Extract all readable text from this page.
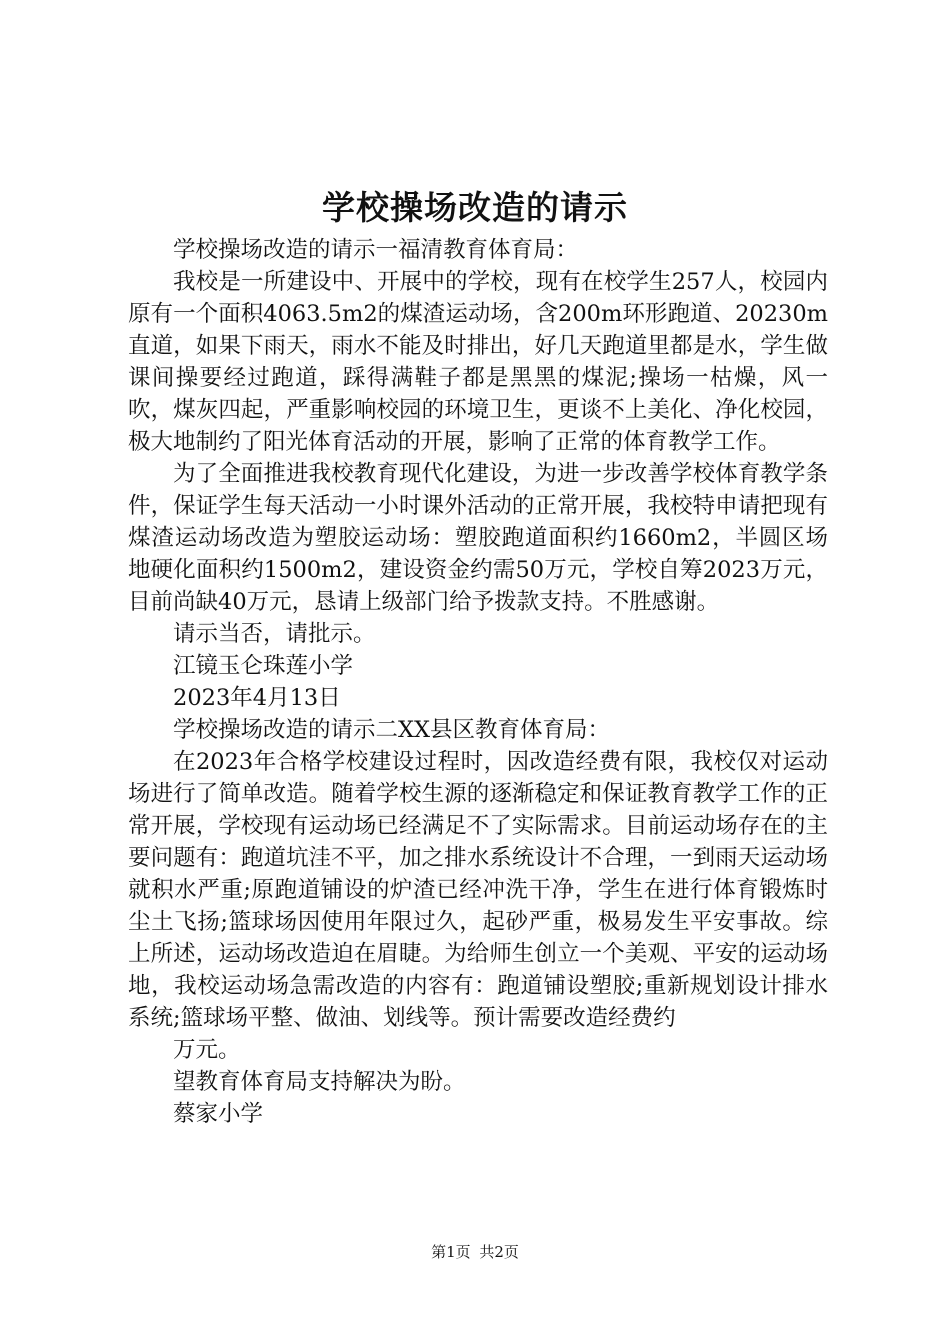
学校操场改造的请示

学校操场改造的请示一福清教育体育局：

我校是一所建设中、开展中的学校，现有在校学生257人，校园内原有一个面积4063.5m2的煤渣运动场，含200m环形跑道、20230m直道，如果下雨天，雨水不能及时排出，好几天跑道里都是水，学生做课间操要经过跑道，踩得满鞋子都是黑黑的煤泥;操场一枯燥，风一吹，煤灰四起，严重影响校园的环境卫生，更谈不上美化、净化校园，极大地制约了阳光体育活动的开展，影响了正常的体育教学工作。

为了全面推进我校教育现代化建设，为进一步改善学校体育教学条件，保证学生每天活动一小时课外活动的正常开展，我校特申请把现有煤渣运动场改造为塑胶运动场：塑胶跑道面积约1660m2，半圆区场地硬化面积约1500m2，建设资金约需50万元，学校自筹2023万元，目前尚缺40万元，恳请上级部门给予拨款支持。不胜感谢。

请示当否，请批示。

江镜玉仑珠莲小学

2023年4月13日

学校操场改造的请示二XX县区教育体育局：

在2023年合格学校建设过程时，因改造经费有限，我校仅对运动场进行了简单改造。随着学校生源的逐渐稳定和保证教育教学工作的正常开展，学校现有运动场已经满足不了实际需求。目前运动场存在的主要问题有：跑道坑洼不平，加之排水系统设计不合理，一到雨天运动场就积水严重;原跑道铺设的炉渣已经冲洗干净，学生在进行体育锻炼时尘土飞扬;篮球场因使用年限过久，起砂严重，极易发生平安事故。综上所述，运动场改造迫在眉睫。为给师生创立一个美观、平安的运动场地，我校运动场急需改造的内容有：跑道铺设塑胶;重新规划设计排水系统;篮球场平整、做油、划线等。预计需要改造经费约

万元。

望教育体育局支持解决为盼。

蔡家小学

第1页 共2页
